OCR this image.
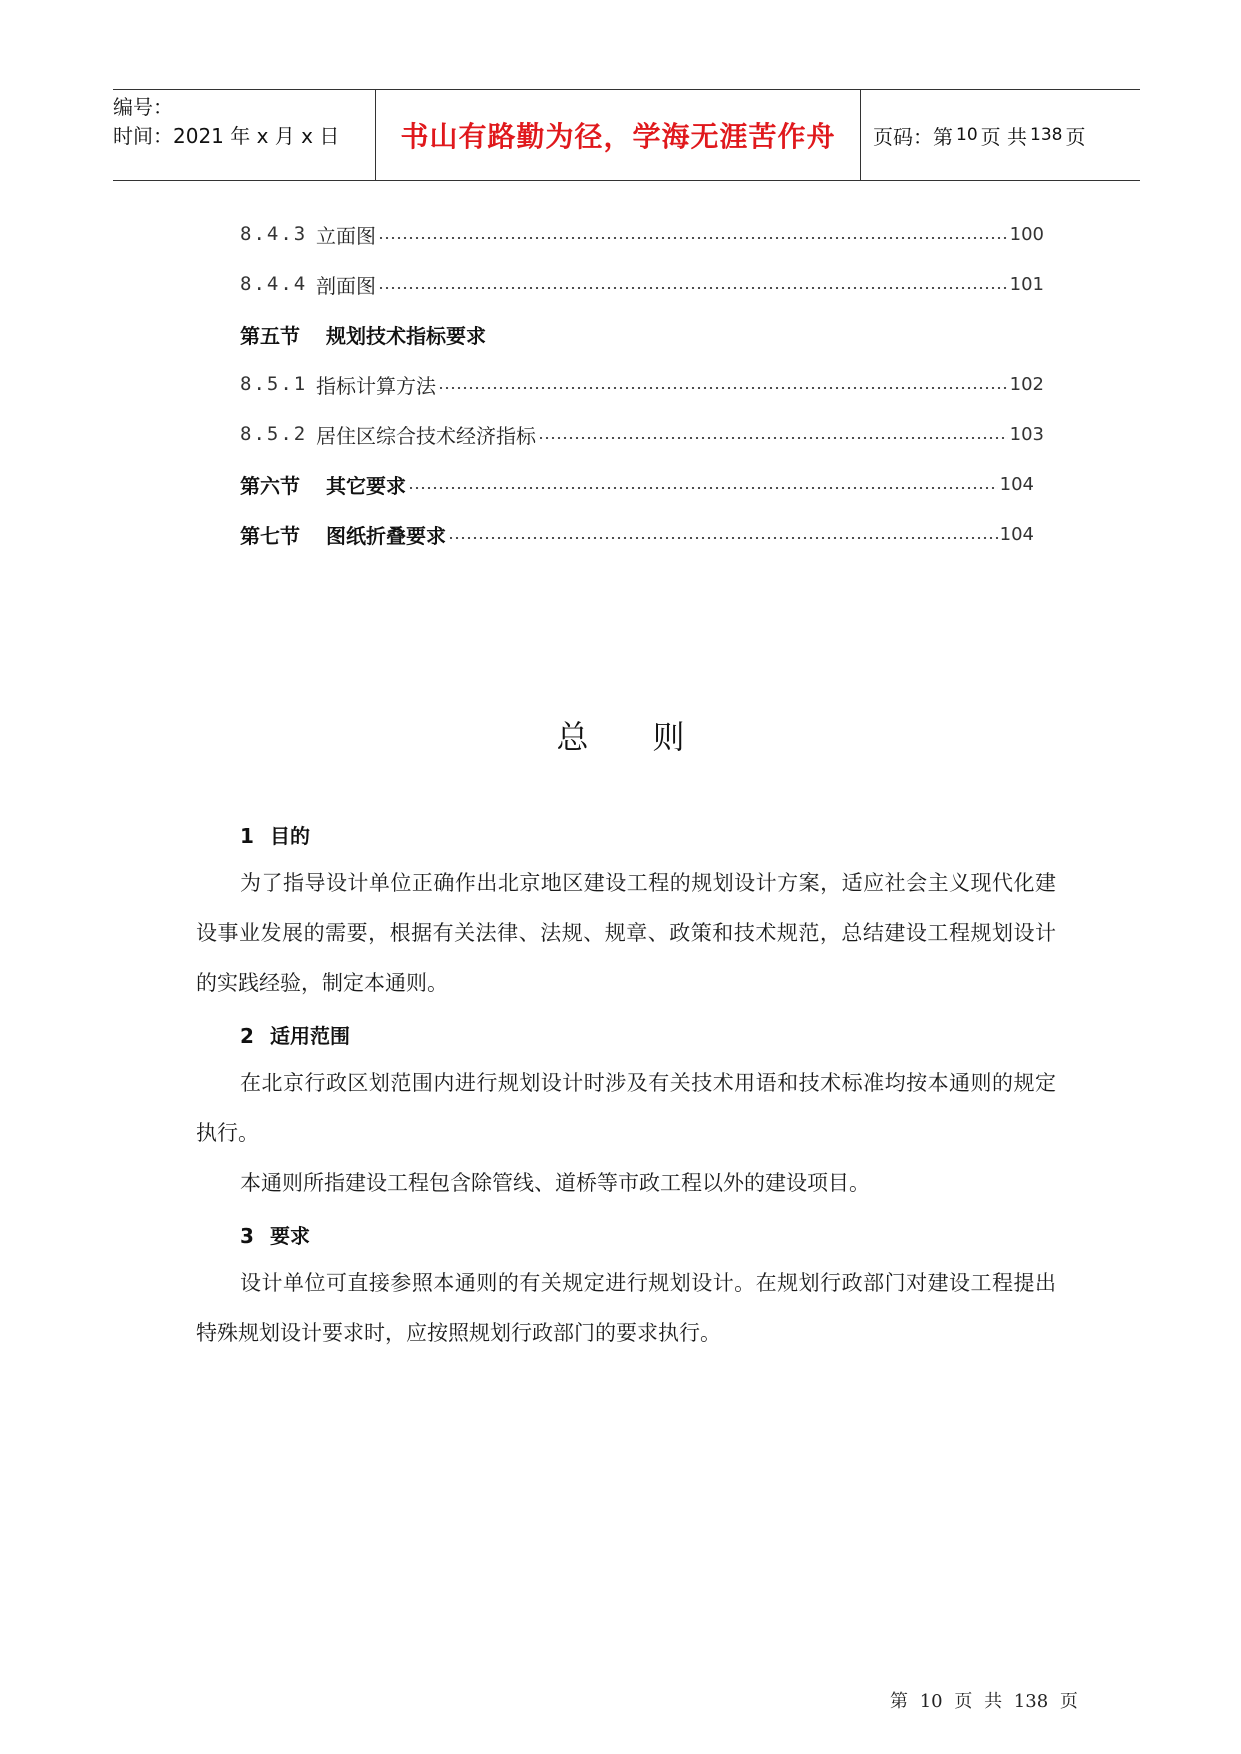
编号：
时间：2021 年 x 月 x 日	书山有路勤为径，学海无涯苦作舟	页码：第 10 页 共 138 页
8.4.3 立面图	100
8.4.4 剖面图	101
第五节	规划技术指标要求
8.5.1 指标计算方法	102
8.5.2 居住区综合技术经济指标	103
第六节	其它要求	104
第七节	图纸折叠要求	104
总则
1 目的

为了指导设计单位正确作出北京地区建设工程的规划设计方案，适应社会主义现代化建设事业发展的需要，根据有关法律、法规、规章、政策和技术规范，总结建设工程规划设计的实践经验，制定本通则。

2 适用范围

在北京行政区划范围内进行规划设计时涉及有关技术用语和技术标准均按本通则的规定执行。

本通则所指建设工程包含除管线、道桥等市政工程以外的建设项目。

3 要求

设计单位可直接参照本通则的有关规定进行规划设计。在规划行政部门对建设工程提出特殊规划设计要求时，应按照规划行政部门的要求执行。

第 10 页 共 138 页
